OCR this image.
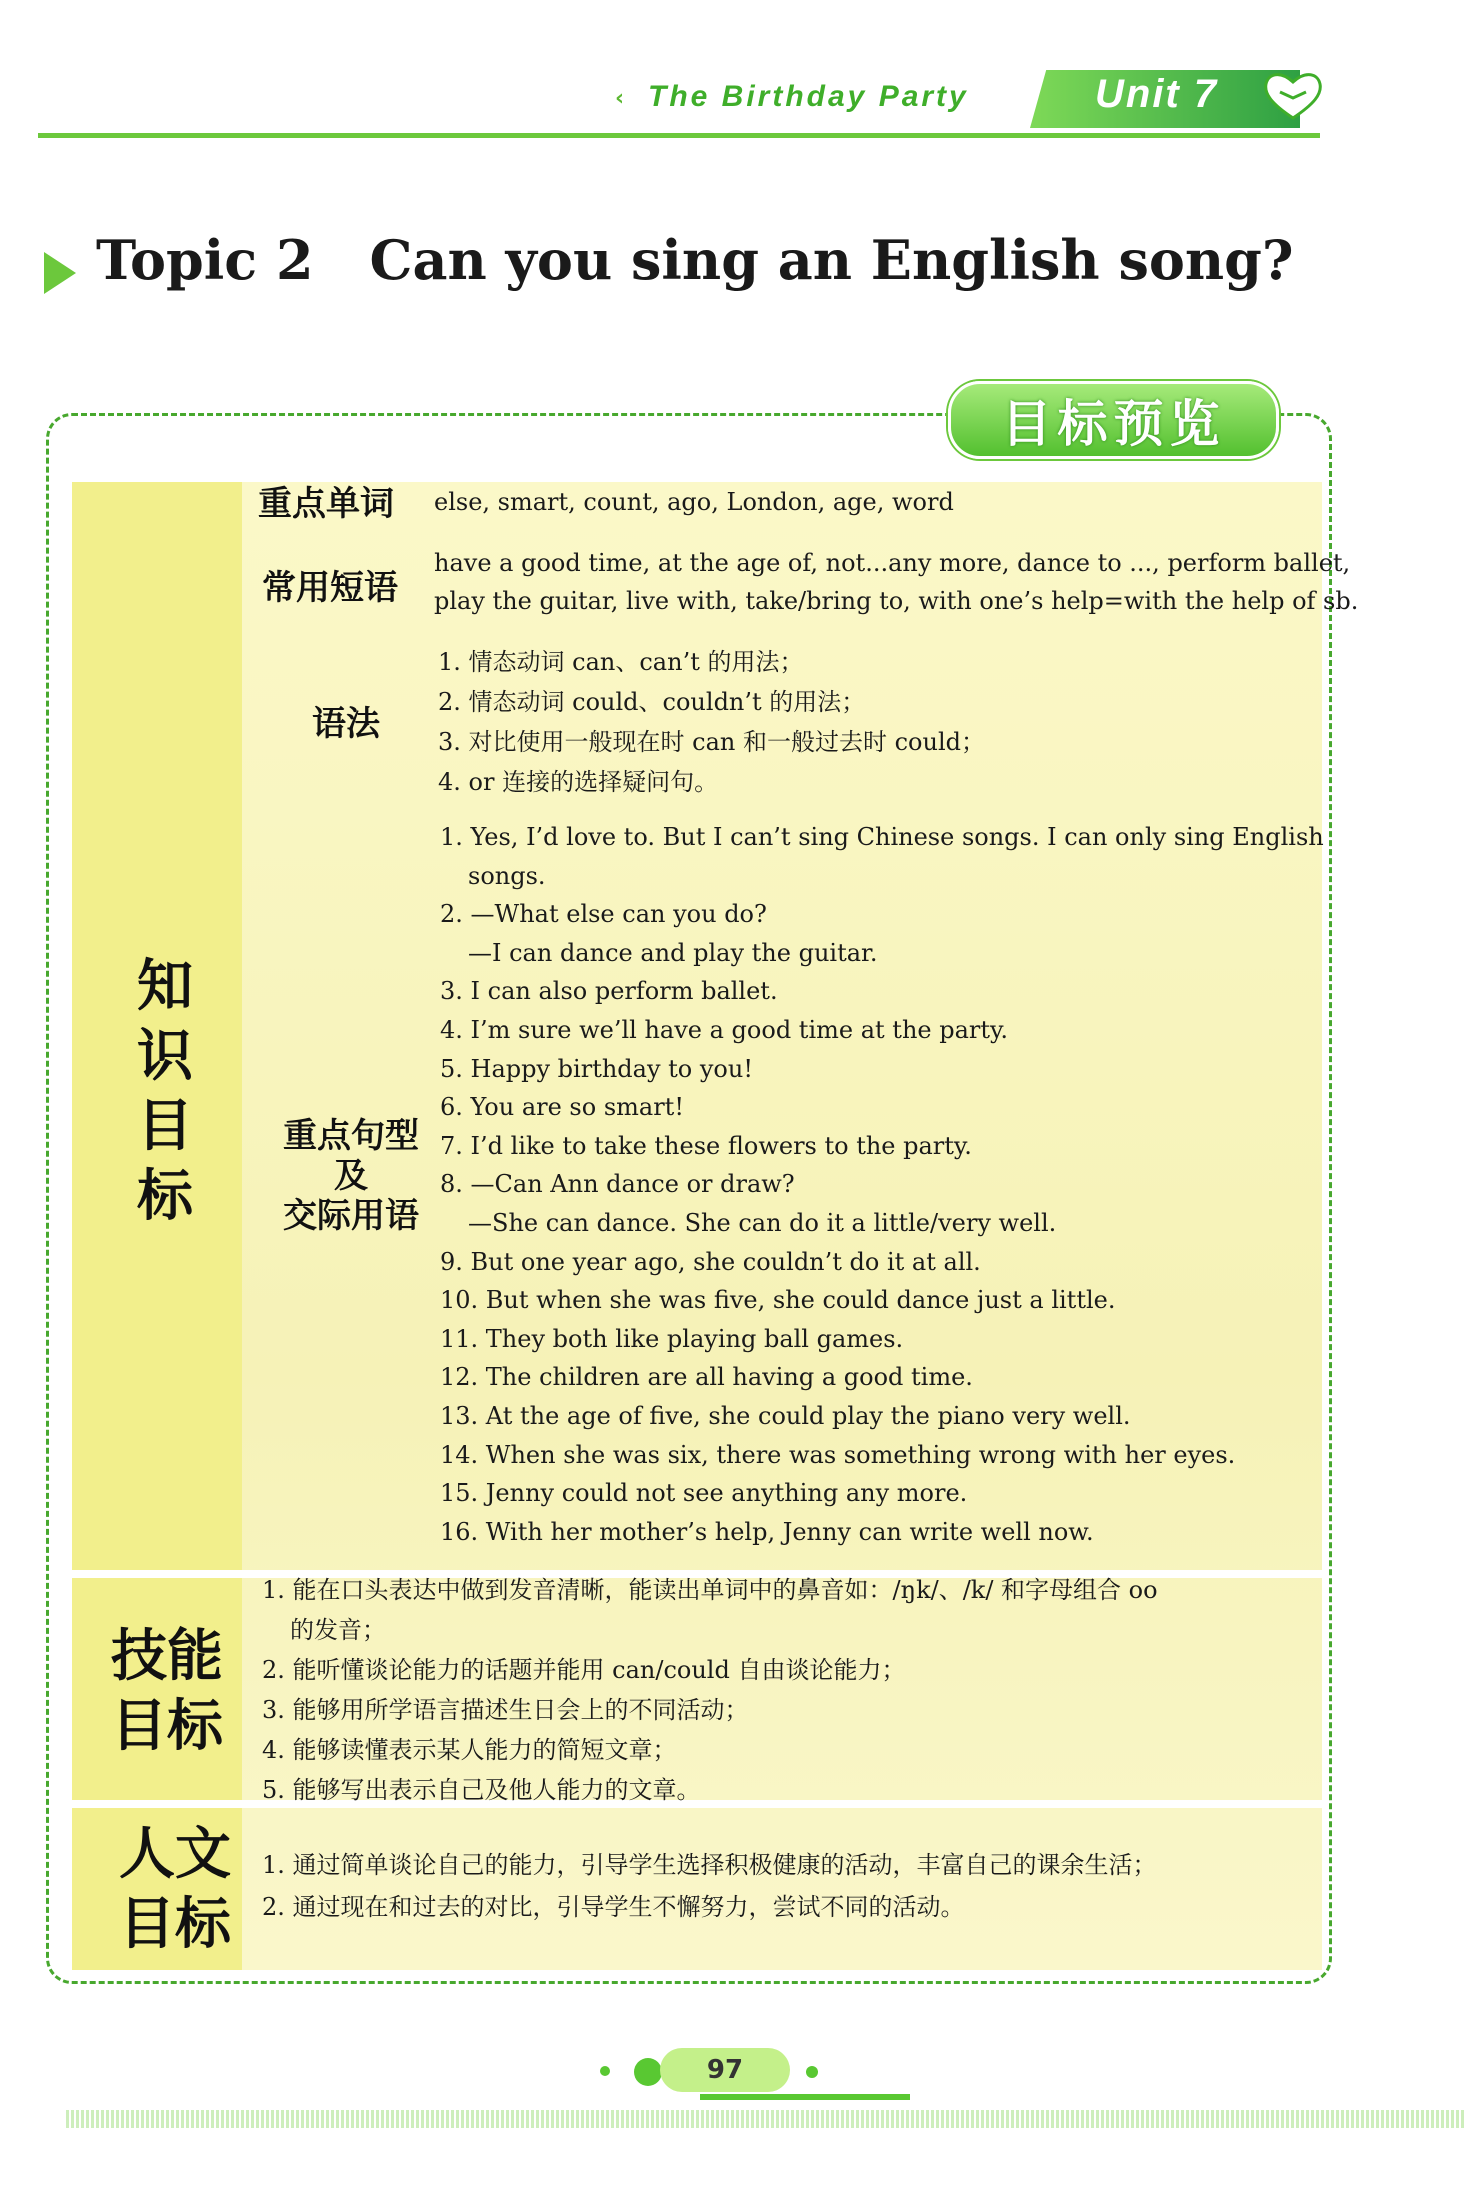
‹ The Birthday Party	Unit 7
Topic 2 Can you sing an English song?
目标预览
知识目标
重点单词 else, smart, count, ago, London, age, word
常用短语
have a good time, at the age of, not...any more, dance to ..., perform ballet,
play the guitar, live with, take/bring to, with one’s help=with the help of sb.
语法
1. 情态动词 can、can’t 的用法；
2. 情态动词 could、couldn’t 的用法；
3. 对比使用一般现在时 can 和一般过去时 could；
4. or 连接的选择疑问句。
重点句型
及
交际用语
1. Yes, I’d love to. But I can’t sing Chinese songs. I can only sing English
songs.
2. —What else can you do?
—I can dance and play the guitar.
3. I can also perform ballet.
4. I’m sure we’ll have a good time at the party.
5. Happy birthday to you!
6. You are so smart!
7. I’d like to take these flowers to the party.
8. —Can Ann dance or draw?
—She can dance. She can do it a little/very well.
9. But one year ago, she couldn’t do it at all.
10. But when she was five, she could dance just a little.
11. They both like playing ball games.
12. The children are all having a good time.
13. At the age of five, she could play the piano very well.
14. When she was six, there was something wrong with her eyes.
15. Jenny could not see anything any more.
16. With her mother’s help, Jenny can write well now.
技能目标
1. 能在口头表达中做到发音清晰，能读出单词中的鼻音如：/ŋk/、/k/ 和字母组合 oo
的发音；
2. 能听懂谈论能力的话题并能用 can/could 自由谈论能力；
3. 能够用所学语言描述生日会上的不同活动；
4. 能够读懂表示某人能力的简短文章；
5. 能够写出表示自己及他人能力的文章。
人文目标
1. 通过简单谈论自己的能力，引导学生选择积极健康的活动，丰富自己的课余生活；
2. 通过现在和过去的对比，引导学生不懈努力，尝试不同的活动。
97
